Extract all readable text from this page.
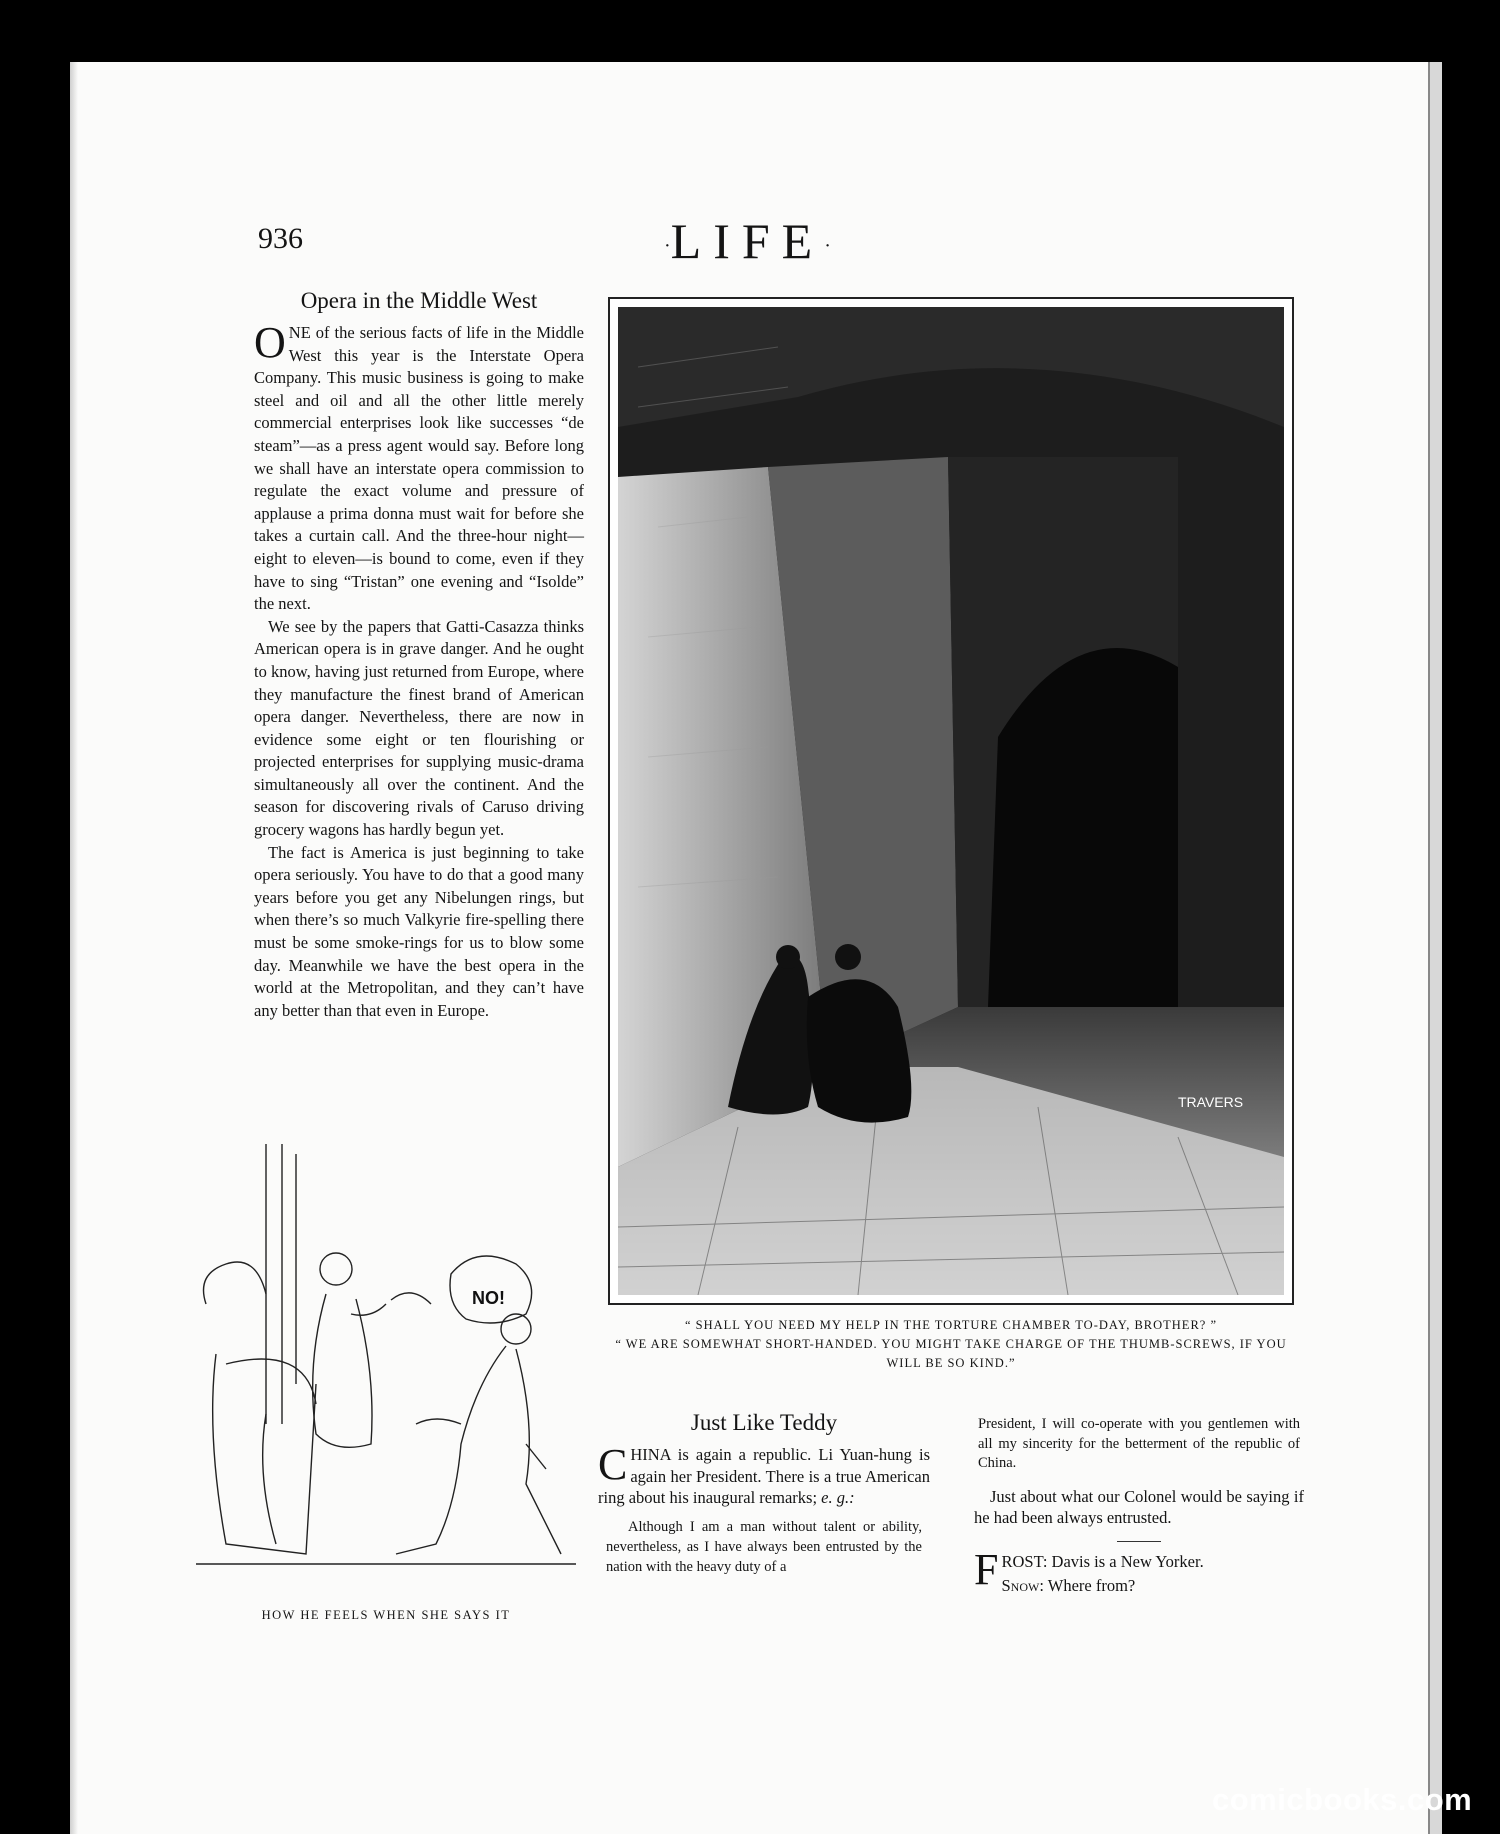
936	·LIFE·
Opera in the Middle West

ONE of the serious facts of life in the Middle West this year is the Interstate Opera Company. This music business is going to make steel and oil and all the other little merely commercial enterprises look like successes “de steam”—as a press agent would say. Before long we shall have an interstate opera commission to regulate the exact volume and pressure of applause a prima donna must wait for before she takes a curtain call. And the three-hour night—eight to eleven—is bound to come, even if they have to sing “Tristan” one evening and “Isolde” the next.

We see by the papers that Gatti-Casazza thinks American opera is in grave danger. And he ought to know, having just returned from Europe, where they manufacture the finest brand of American opera danger. Nevertheless, there are now in evidence some eight or ten flourishing or projected enterprises for supplying music-drama simultaneously all over the continent. And the season for discovering rivals of Caruso driving grocery wagons has hardly begun yet.

The fact is America is just beginning to take opera seriously. You have to do that a good many years before you get any Nibelungen rings, but when there’s so much Valkyrie fire-spelling there must be some smoke-rings for us to blow some day. Meanwhile we have the best opera in the world at the Metropolitan, and they can’t have any better than that even in Europe.

TRAVERS
“ SHALL YOU NEED MY HELP IN THE TORTURE CHAMBER TO-DAY, BROTHER? ”
“ WE ARE SOMEWHAT SHORT-HANDED. YOU MIGHT TAKE CHARGE OF THE THUMB-SCREWS, IF YOU WILL BE SO KIND.”
NO!
HOW HE FEELS WHEN SHE SAYS IT
Just Like Teddy

CHINA is again a republic. Li Yuan-hung is again her President. There is a true American ring about his inaugural remarks; e. g.:

Although I am a man without talent or ability, nevertheless, as I have always been entrusted by the nation with the heavy duty of a

President, I will co-operate with you gentlemen with all my sincerity for the betterment of the republic of China.

Just about what our Colonel would be saying if he had been always entrusted.

F ROST: Davis is a New Yorker.
Snow: Where from?
comicbooks.com
